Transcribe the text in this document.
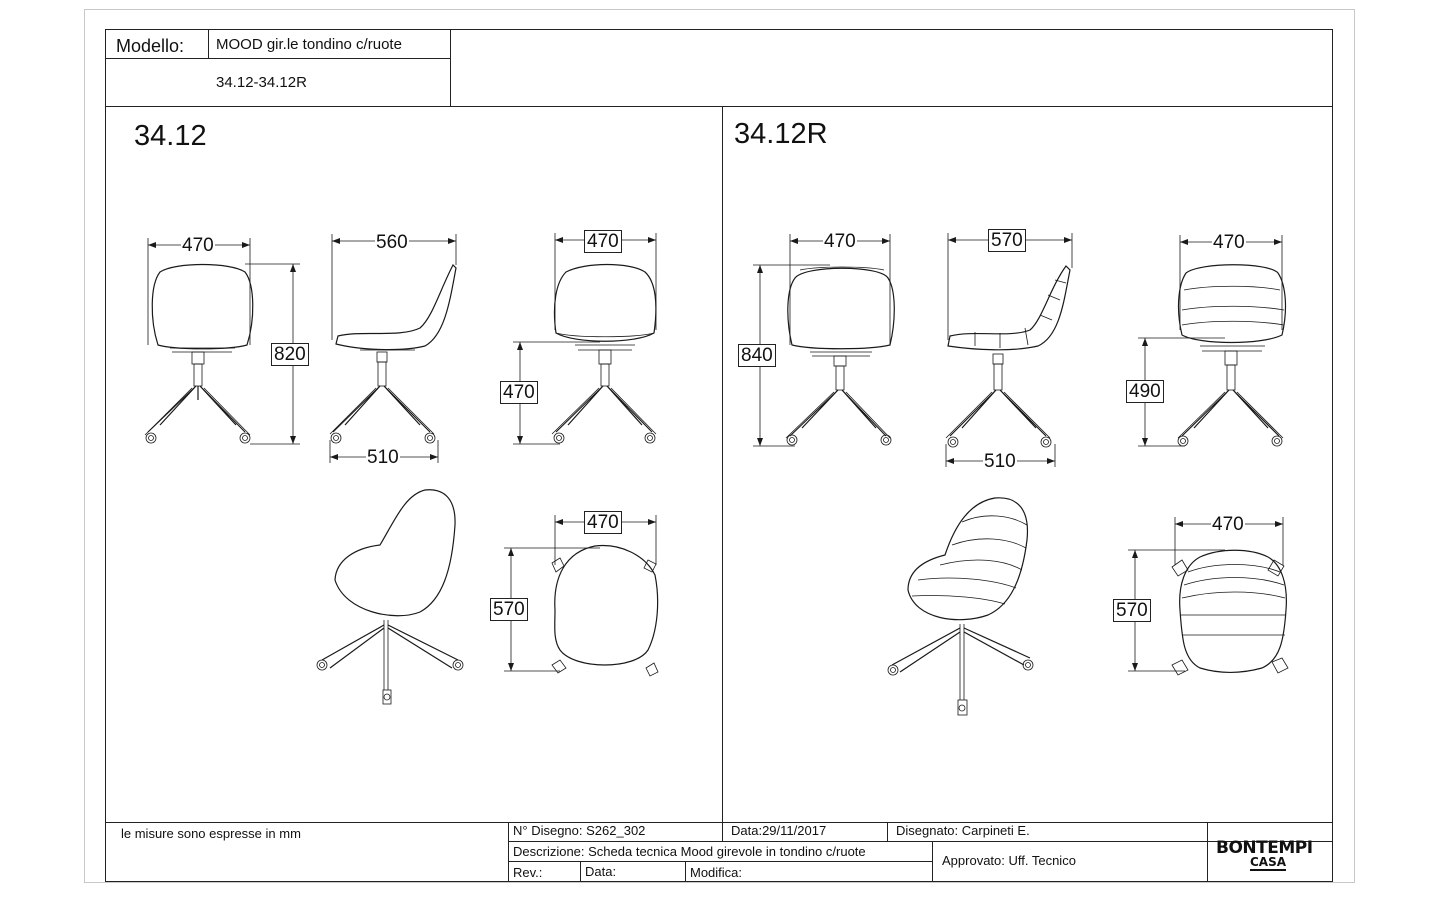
Modello: MOOD gir.le tondino c/ruote
34.12-34.12R
34.12	34.12R
470
820
560
510
470
470
470
570
470
840
570
510
470
490
470
570
le misure sono espresse in mm	N° Disegno: S262_302	Data:29/11/2017	Disegnato: Carpineti E.
Descrizione: Scheda tecnica Mood girevole in tondino c/ruote
Approvato: Uff. Tecnico
Rev.:	Data:	Modifica:
BONTEMPI
CASA
